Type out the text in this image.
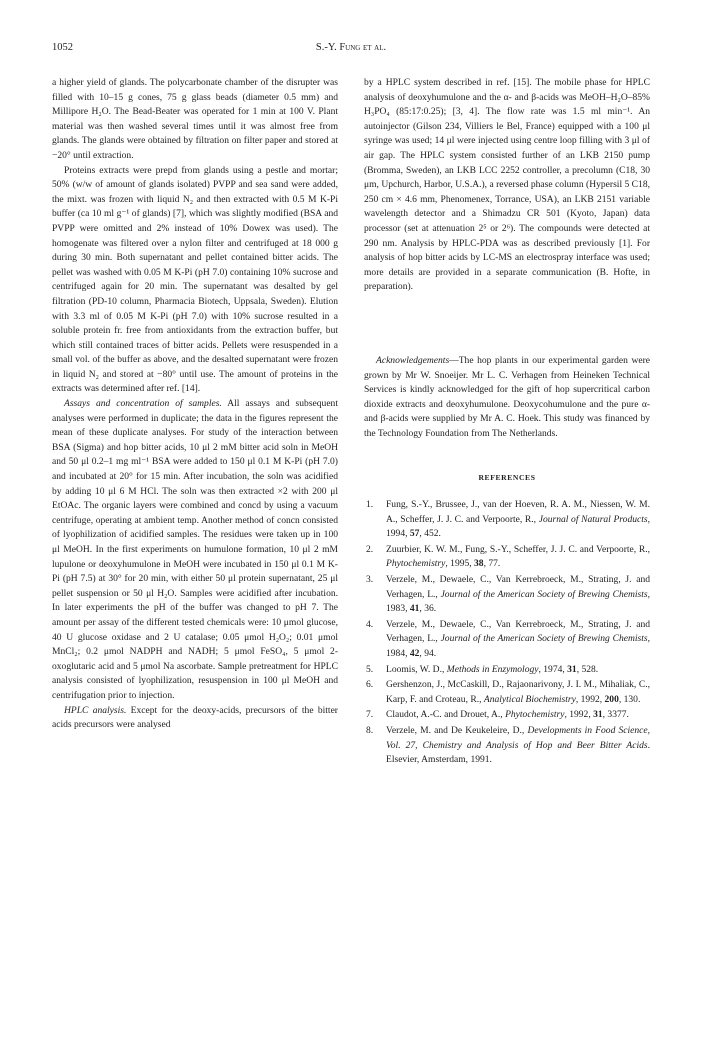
1052	S.-Y. Fung et al.

a higher yield of glands. The polycarbonate chamber of the disrupter was filled with 10–15 g cones, 75 g glass beads (diameter 0.5 mm) and Millipore H₂O. The Bead-Beater was operated for 1 min at 100 V. Plant material was then washed several times until it was almost free from glands. The glands were obtained by filtration on filter paper and stored at −20° until extraction.

Proteins extracts were prepd from glands using a pestle and mortar; 50% (w/w of amount of glands isolated) PVPP and sea sand were added, the mixt. was frozen with liquid N₂ and then extracted with 0.5 M K-Pi buffer (ca 10 ml g⁻¹ of glands) [7], which was slightly modified (BSA and PVPP were omitted and 2% instead of 10% Dowex was used). The homogenate was filtered over a nylon filter and centrifuged at 18 000 g during 30 min. Both supernatant and pellet contained bitter acids. The pellet was washed with 0.05 M K-Pi (pH 7.0) containing 10% sucrose and centrifuged again for 20 min. The supernatant was desalted by gel filtration (PD-10 column, Pharmacia Biotech, Uppsala, Sweden). Elution with 3.3 ml of 0.05 M K-Pi (pH 7.0) with 10% sucrose resulted in a soluble protein fr. free from antioxidants from the extraction buffer, but which still contained traces of bitter acids. Pellets were resuspended in a small vol. of the buffer as above, and the desalted supernatant were frozen in liquid N₂ and stored at −80° until use. The amount of proteins in the extracts was determined after ref. [14].

Assays and concentration of samples. All assays and subsequent analyses were performed in duplicate; the data in the figures represent the mean of these duplicate analyses. For study of the interaction between BSA (Sigma) and hop bitter acids, 10 μl 2 mM bitter acid soln in MeOH and 50 μl 0.2–1 mg ml⁻¹ BSA were added to 150 μl 0.1 M K-Pi (pH 7.0) and incubated at 20° for 15 min. After incubation, the soln was acidified by adding 10 μl 6 M HCl. The soln was then extracted ×2 with 200 μl EtOAc. The organic layers were combined and concd by using a vacuum centrifuge, operating at ambient temp. Another method of concn consisted of lyophilization of acidified samples. The residues were taken up in 100 μl MeOH. In the first experiments on humulone formation, 10 μl 2 mM lupulone or deoxyhumulone in MeOH were incubated in 150 μl 0.1 M K-Pi (pH 7.5) at 30° for 20 min, with either 50 μl protein supernatant, 25 μl pellet suspension or 50 μl H₂O. Samples were acidified after incubation. In later experiments the pH of the buffer was changed to pH 7. The amount per assay of the different tested chemicals were: 10 μmol glucose, 40 U glucose oxidase and 2 U catalase; 0.05 μmol H₂O₂; 0.01 μmol MnCl₂; 0.2 μmol NADPH and NADH; 5 μmol FeSO₄, 5 μmol 2-oxoglutaric acid and 5 μmol Na ascorbate. Sample pretreatment for HPLC analysis consisted of lyophilization, resuspension in 100 μl MeOH and centrifugation prior to injection.

HPLC analysis. Except for the deoxy-acids, precursors of the bitter acids precursors were analysed

by a HPLC system described in ref. [15]. The mobile phase for HPLC analysis of deoxyhumulone and the α- and β-acids was MeOH–H₂O–85% H₃PO₄ (85:17:0.25); [3, 4]. The flow rate was 1.5 ml min⁻¹. An autoinjector (Gilson 234, Villiers le Bel, France) equipped with a 100 μl syringe was used; 14 μl were injected using centre loop filling with 3 μl of air gap. The HPLC system consisted further of an LKB 2150 pump (Bromma, Sweden), an LKB LCC 2252 controller, a precolumn (C18, 30 μm, Upchurch, Harbor, U.S.A.), a reversed phase column (Hypersil 5 C18, 250 cm × 4.6 mm, Phenomenex, Torrance, USA), an LKB 2151 variable wavelength detector and a Shimadzu CR 501 (Kyoto, Japan) data processor (set at attenuation 2⁵ or 2⁶). The compounds were detected at 290 nm. Analysis by HPLC-PDA was as described previously [1]. For analysis of hop bitter acids by LC-MS an electrospray interface was used; more details are provided in a separate communication (B. Hofte, in preparation).

Acknowledgements—The hop plants in our experimental garden were grown by Mr W. Snoeijer. Mr L. C. Verhagen from Heineken Technical Services is kindly acknowledged for the gift of hop supercritical carbon dioxide extracts and deoxyhumulone. Deoxycohumulone and the pure α- and β-acids were supplied by Mr A. C. Hoek. This study was financed by the Technology Foundation from The Netherlands.

REFERENCES
1. Fung, S.-Y., Brussee, J., van der Hoeven, R. A. M., Niessen, W. M. A., Scheffer, J. J. C. and Verpoorte, R., Journal of Natural Products, 1994, 57, 452.
2. Zuurbier, K. W. M., Fung, S.-Y., Scheffer, J. J. C. and Verpoorte, R., Phytochemistry, 1995, 38, 77.
3. Verzele, M., Dewaele, C., Van Kerrebroeck, M., Strating, J. and Verhagen, L., Journal of the American Society of Brewing Chemists, 1983, 41, 36.
4. Verzele, M., Dewaele, C., Van Kerrebroeck, M., Strating, J. and Verhagen, L., Journal of the American Society of Brewing Chemists, 1984, 42, 94.
5. Loomis, W. D., Methods in Enzymology, 1974, 31, 528.
6. Gershenzon, J., McCaskill, D., Rajaonarivony, J. I. M., Mihaliak, C., Karp, F. and Croteau, R., Analytical Biochemistry, 1992, 200, 130.
7. Claudot, A.-C. and Drouet, A., Phytochemistry, 1992, 31, 3377.
8. Verzele, M. and De Keukeleire, D., Developments in Food Science, Vol. 27, Chemistry and Analysis of Hop and Beer Bitter Acids. Elsevier, Amsterdam, 1991.
